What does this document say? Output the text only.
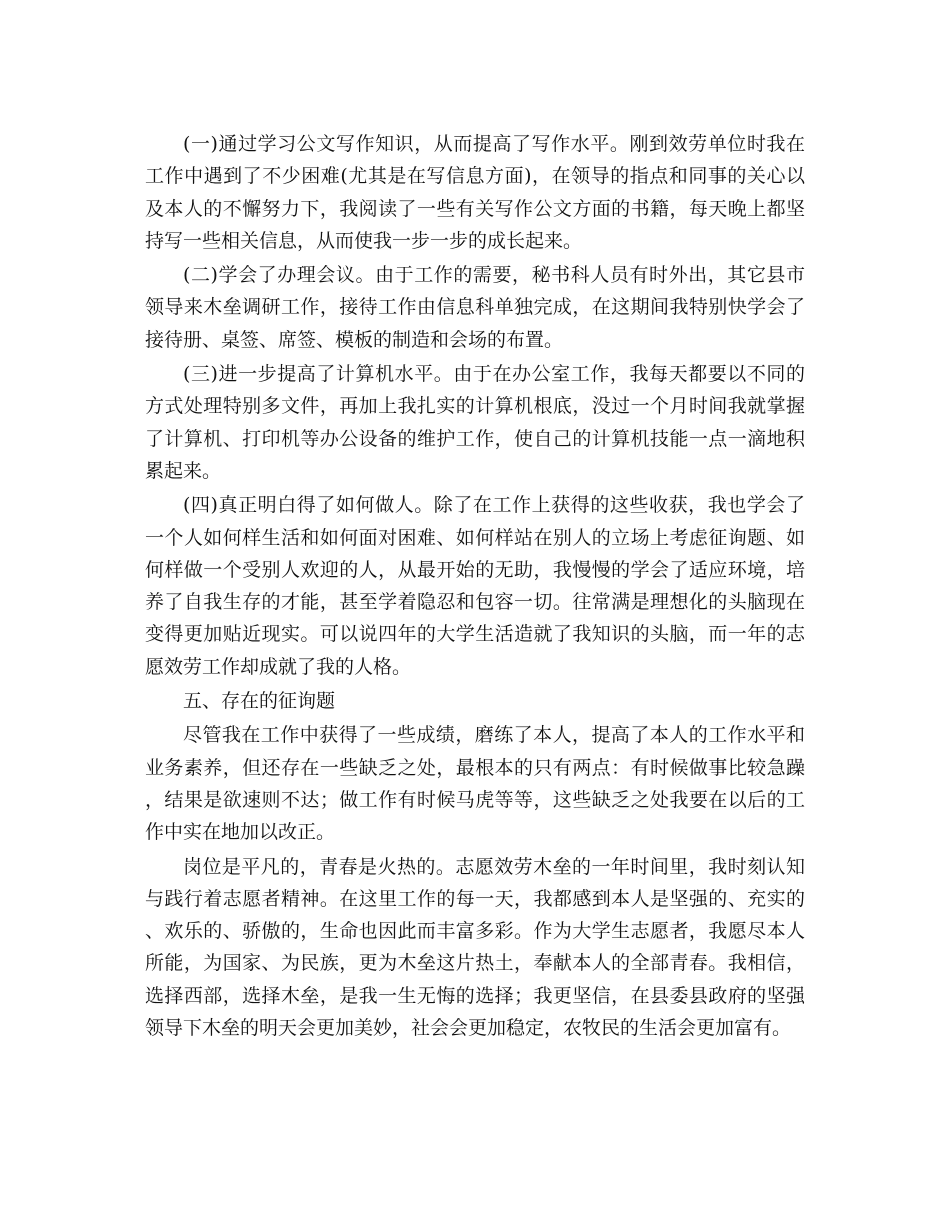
(一)通过学习公文写作知识，从而提高了写作水平。刚到效劳单位时我在工作中遇到了不少困难(尤其是在写信息方面)，在领导的指点和同事的关心以及本人的不懈努力下，我阅读了一些有关写作公文方面的书籍，每天晚上都坚持写一些相关信息，从而使我一步一步的成长起来。

(二)学会了办理会议。由于工作的需要，秘书科人员有时外出，其它县市领导来木垒调研工作，接待工作由信息科单独完成，在这期间我特别快学会了接待册、桌签、席签、模板的制造和会场的布置。

(三)进一步提高了计算机水平。由于在办公室工作，我每天都要以不同的方式处理特别多文件，再加上我扎实的计算机根底，没过一个月时间我就掌握了计算机、打印机等办公设备的维护工作，使自己的计算机技能一点一滴地积累起来。

(四)真正明白得了如何做人。除了在工作上获得的这些收获，我也学会了一个人如何样生活和如何面对困难、如何样站在别人的立场上考虑征询题、如何样做一个受别人欢迎的人，从最开始的无助，我慢慢的学会了适应环境，培养了自我生存的才能，甚至学着隐忍和包容一切。往常满是理想化的头脑现在变得更加贴近现实。可以说四年的大学生活造就了我知识的头脑，而一年的志愿效劳工作却成就了我的人格。

五、存在的征询题

尽管我在工作中获得了一些成绩，磨练了本人，提高了本人的工作水平和业务素养，但还存在一些缺乏之处，最根本的只有两点：有时候做事比较急躁，结果是欲速则不达；做工作有时候马虎等等，这些缺乏之处我要在以后的工作中实在地加以改正。

岗位是平凡的，青春是火热的。志愿效劳木垒的一年时间里，我时刻认知与践行着志愿者精神。在这里工作的每一天，我都感到本人是坚强的、充实的、欢乐的、骄傲的，生命也因此而丰富多彩。作为大学生志愿者，我愿尽本人所能，为国家、为民族，更为木垒这片热土，奉献本人的全部青春。我相信，选择西部，选择木垒，是我一生无悔的选择；我更坚信，在县委县政府的坚强领导下木垒的明天会更加美妙，社会会更加稳定，农牧民的生活会更加富有。
